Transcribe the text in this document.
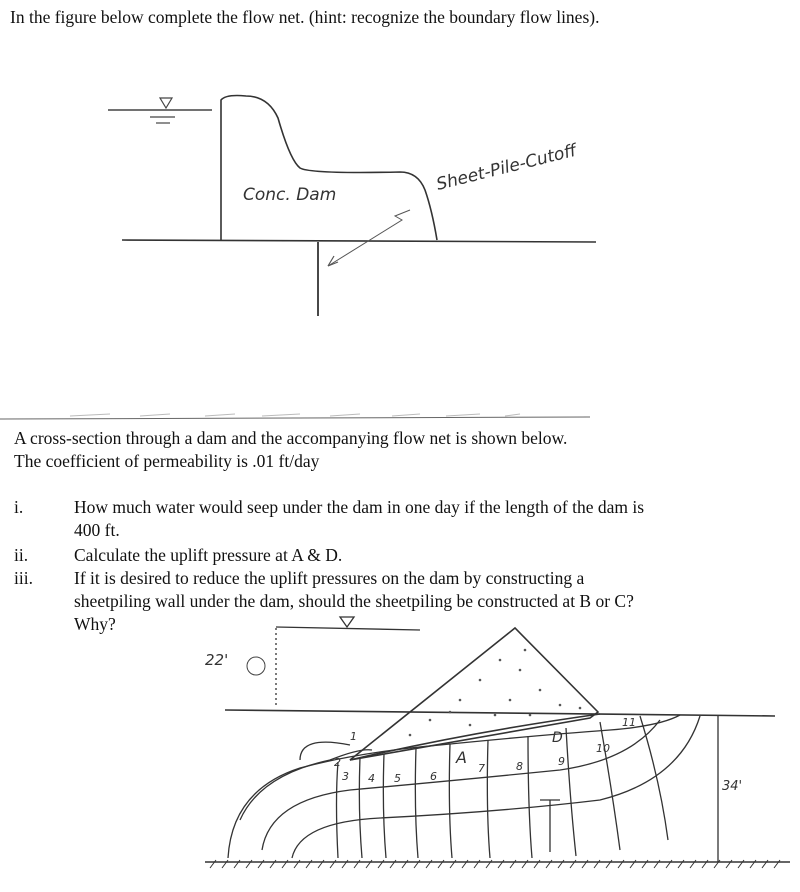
In the figure below complete the flow net. (hint: recognize the boundary flow lines).
Conc. Dam
Sheet-Pile-Cutoff
A cross-section through a dam and the accompanying flow net is shown below.
The coefficient of permeability is .01 ft/day
i.	How much water would seep under the dam in one day if the length of the dam is
400 ft.
ii.	Calculate the uplift pressure at A & D.
iii. If it is desired to reduce the uplift pressures on the dam by constructing a
sheetpiling wall under the dam, should the sheetpiling be constructed at B or C?
Why?
22'
34'
A
D
1
2
3 4 5	6
7	8	9
10
11
